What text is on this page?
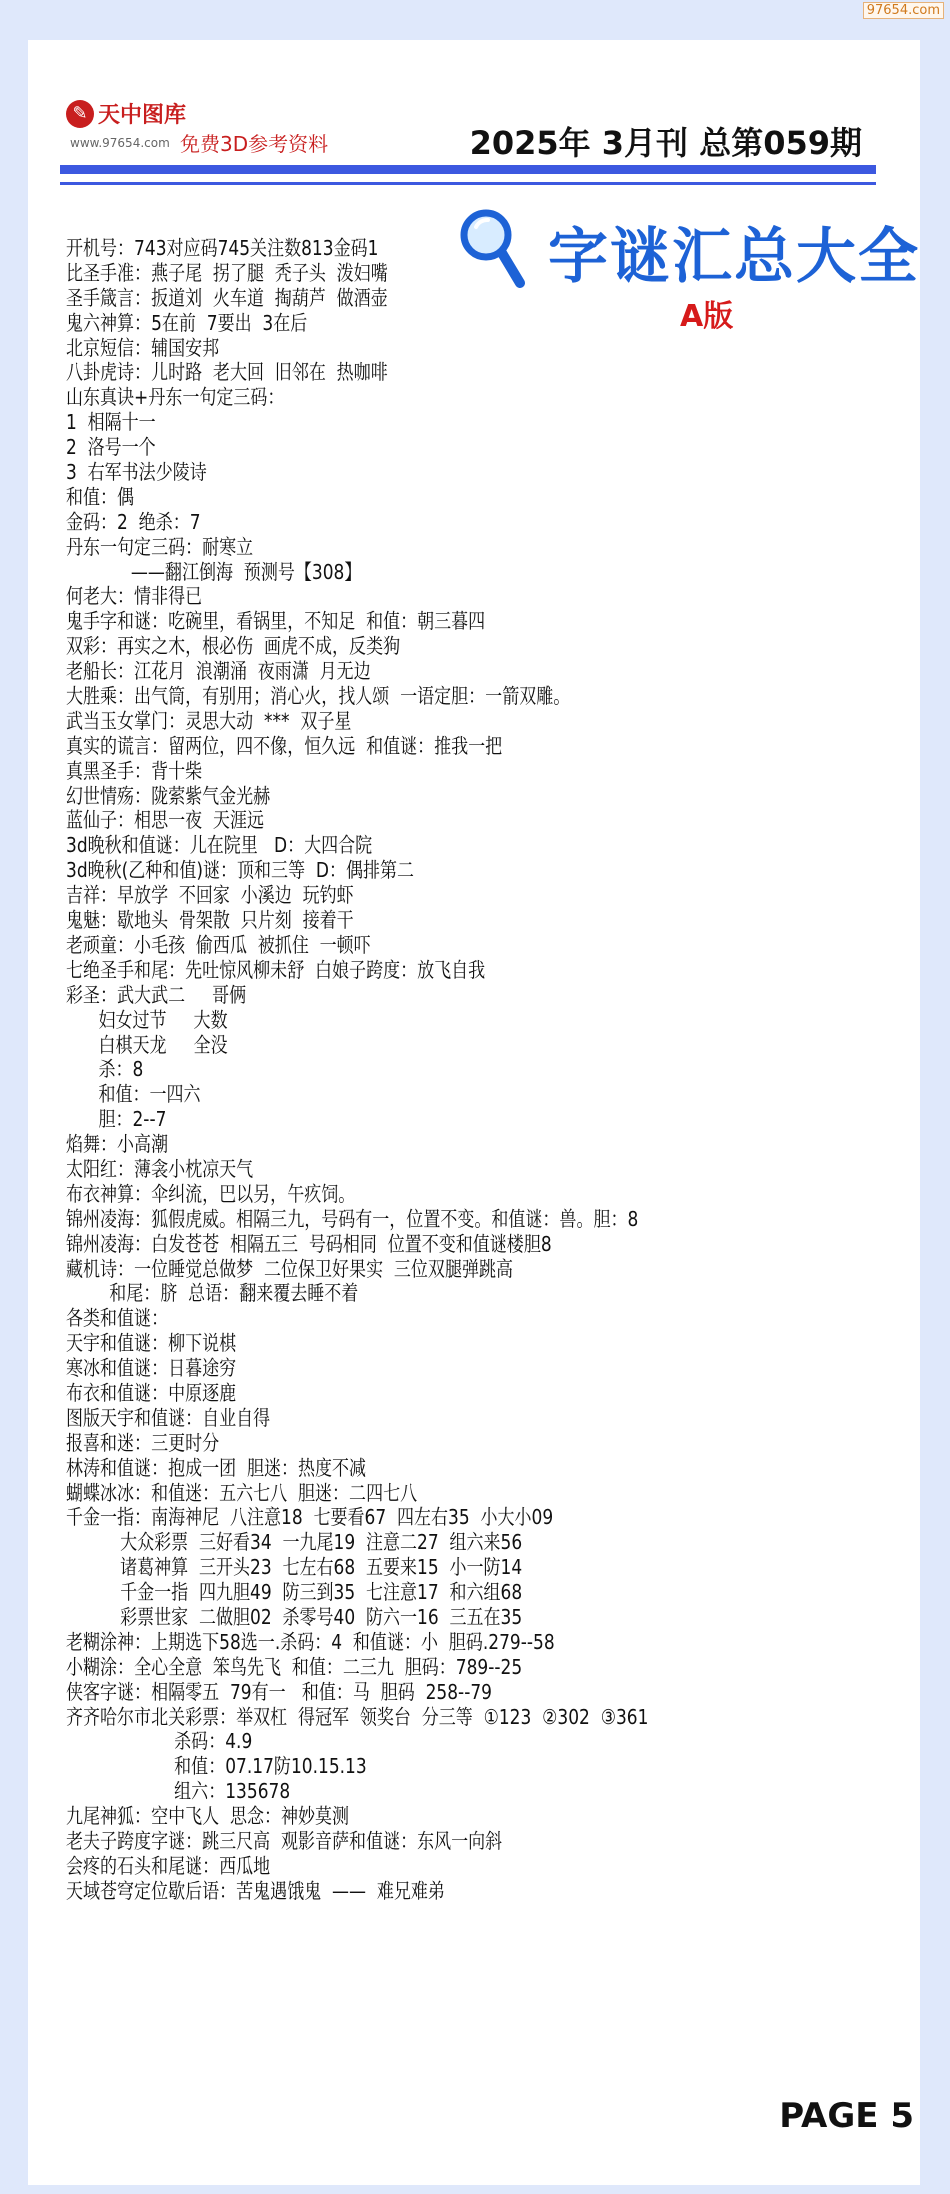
97654.com
✎ 天中图库
www.97654.com 免费3D参考资料	2025年 3月刊 总第059期
字谜汇总大全
A版
开机号：743对应码745关注数813金码1
比圣手准：燕子尾  拐了腿  秃子头  泼妇嘴
圣手箴言：扳道刘  火车道  掏葫芦  做酒壶
鬼六神算：5在前  7要出  3在后
北京短信：辅国安邦
八卦虎诗：儿时路  老大回  旧邻在  热咖啡
山东真诀+丹东一句定三码：
1  相隔十一
2  洛号一个
3  右军书法少陵诗
和值：偶
金码：2  绝杀：7
丹东一句定三码：耐寒立
——翻江倒海  预测号【308】
何老大：情非得已
鬼手字和谜：吃碗里，看锅里，不知足  和值：朝三暮四
双彩：再实之木，根必伤  画虎不成，反类狗
老船长：江花月  浪潮涌  夜雨潇  月无边
大胜乘：出气筒，有别用；消心火，找人颂  一语定胆：一箭双雕。
武当玉女掌门：灵思大动  ***  双子星
真实的谎言：留两位，四不像，恒久远  和值谜：推我一把
真黑圣手：背十柴
幻世情殇：陇萦紫气金光赫
蓝仙子：相思一夜  天涯远
3d晚秋和值谜：儿在院里   D：大四合院
3d晚秋(乙种和值)谜：顶和三等  D：偶排第二
吉祥：早放学  不回家  小溪边  玩钓虾
鬼魅：歇地头  骨架散  只片刻  接着干
老顽童：小毛孩  偷西瓜  被抓住  一顿吓
七绝圣手和尾：先吐惊风柳未舒  白娘子跨度：放飞自我
彩圣：武大武二     哥俩
妇女过节     大数
白棋天龙     全没
杀：8
和值：一四六
胆：2--7
焰舞：小高潮
太阳红：薄衾小枕凉天气
布衣神算：伞纠流，巴以另，午疚饲。
锦州凌海：狐假虎威。相隔三九，号码有一，位置不变。和值谜：兽。胆：8
锦州凌海：白发苍苍  相隔五三  号码相同  位置不变和值谜楼胆8
藏机诗：一位睡觉总做梦  二位保卫好果实  三位双腿弹跳高
和尾：脐  总语：翻来覆去睡不着
各类和值谜：
天宇和值谜：柳下说棋
寒冰和值谜：日暮途穷
布衣和值谜：中原逐鹿
图版天宇和值谜：自业自得
报喜和迷：三更时分
林涛和值谜：抱成一团  胆迷：热度不减
蝴蝶冰冰：和值迷：五六七八  胆迷：二四七八
千金一指：南海神尼  八注意18  七要看67  四左右35  小大小09
大众彩票  三好看34  一九尾19  注意二27  组六来56
诸葛神算  三开头23  七左右68  五要来15  小一防14
千金一指  四九胆49  防三到35  七注意17  和六组68
彩票世家  二做胆02  杀零号40  防六一16  三五在35
老糊涂神：上期选下58选一.杀码：4  和值谜：小  胆码.279--58
小糊涂：全心全意  笨鸟先飞  和值：二三九  胆码：789--25
侠客字谜：相隔零五  79有一   和值：马  胆码  258--79
齐齐哈尔市北关彩票：举双杠  得冠军  领奖台  分三等  ①123  ②302  ③361
杀码：4.9
和值：07.17防10.15.13
组六：135678
九尾神狐：空中飞人  思念：神妙莫测
老夫子跨度字谜：跳三尺高  观影音萨和值谜：东风一向斜
会疼的石头和尾谜：西瓜地
天域苍穹定位歇后语：苦鬼遇饿鬼  ——  难兄难弟
PAGE 5
